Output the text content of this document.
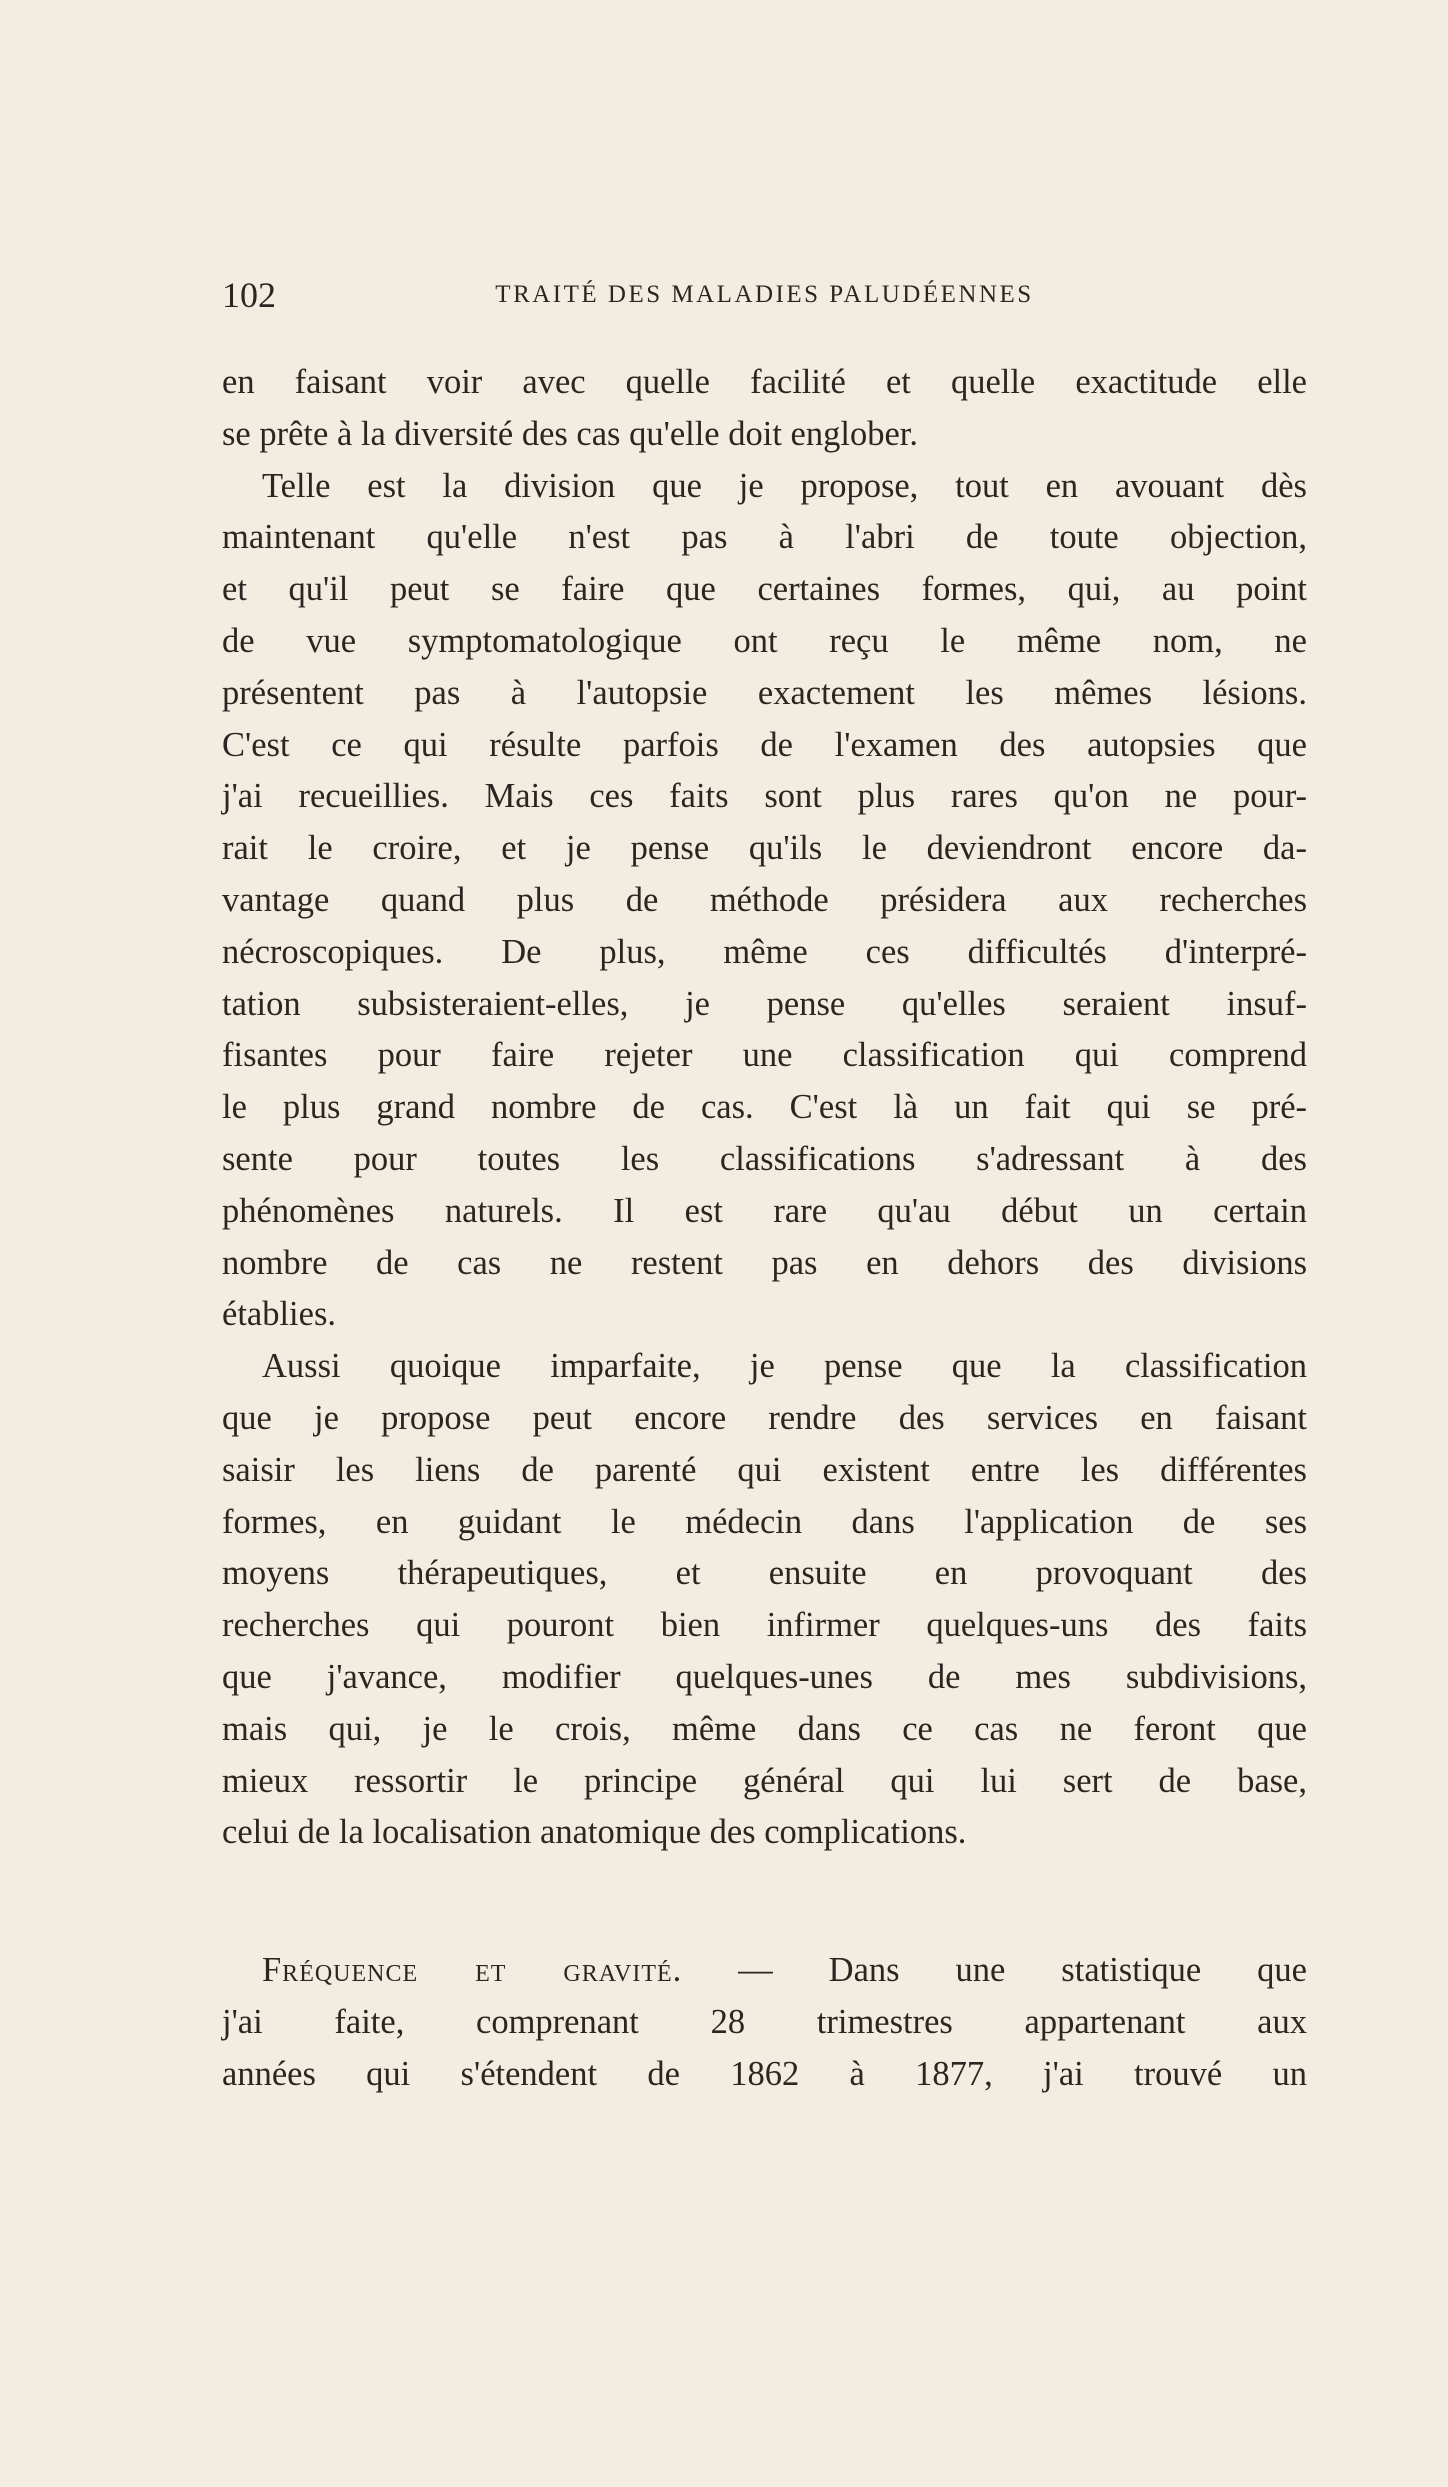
102	TRAITÉ DES MALADIES PALUDÉENNES
en faisant voir avec quelle facilité et quelle exactitude elle
se prête à la diversité des cas qu'elle doit englober.
Telle est la division que je propose, tout en avouant dès
maintenant qu'elle n'est pas à l'abri de toute objection,
et qu'il peut se faire que certaines formes, qui, au point
de vue symptomatologique ont reçu le même nom, ne
présentent pas à l'autopsie exactement les mêmes lésions.
C'est ce qui résulte parfois de l'examen des autopsies que
j'ai recueillies. Mais ces faits sont plus rares qu'on ne pour-
rait le croire, et je pense qu'ils le deviendront encore da-
vantage quand plus de méthode présidera aux recherches
nécroscopiques. De plus, même ces difficultés d'interpré-
tation subsisteraient-elles, je pense qu'elles seraient insuf-
fisantes pour faire rejeter une classification qui comprend
le plus grand nombre de cas. C'est là un fait qui se pré-
sente pour toutes les classifications s'adressant à des
phénomènes naturels. Il est rare qu'au début un certain
nombre de cas ne restent pas en dehors des divisions
établies.
Aussi quoique imparfaite, je pense que la classification
que je propose peut encore rendre des services en faisant
saisir les liens de parenté qui existent entre les différentes
formes, en guidant le médecin dans l'application de ses
moyens thérapeutiques, et ensuite en provoquant des
recherches qui pouront bien infirmer quelques-uns des faits
que j'avance, modifier quelques-unes de mes subdivisions,
mais qui, je le crois, même dans ce cas ne feront que
mieux ressortir le principe général qui lui sert de base,
celui de la localisation anatomique des complications.
Fréquence et gravité. — Dans une statistique que
j'ai faite, comprenant 28 trimestres appartenant aux
années qui s'étendent de 1862 à 1877, j'ai trouvé un
